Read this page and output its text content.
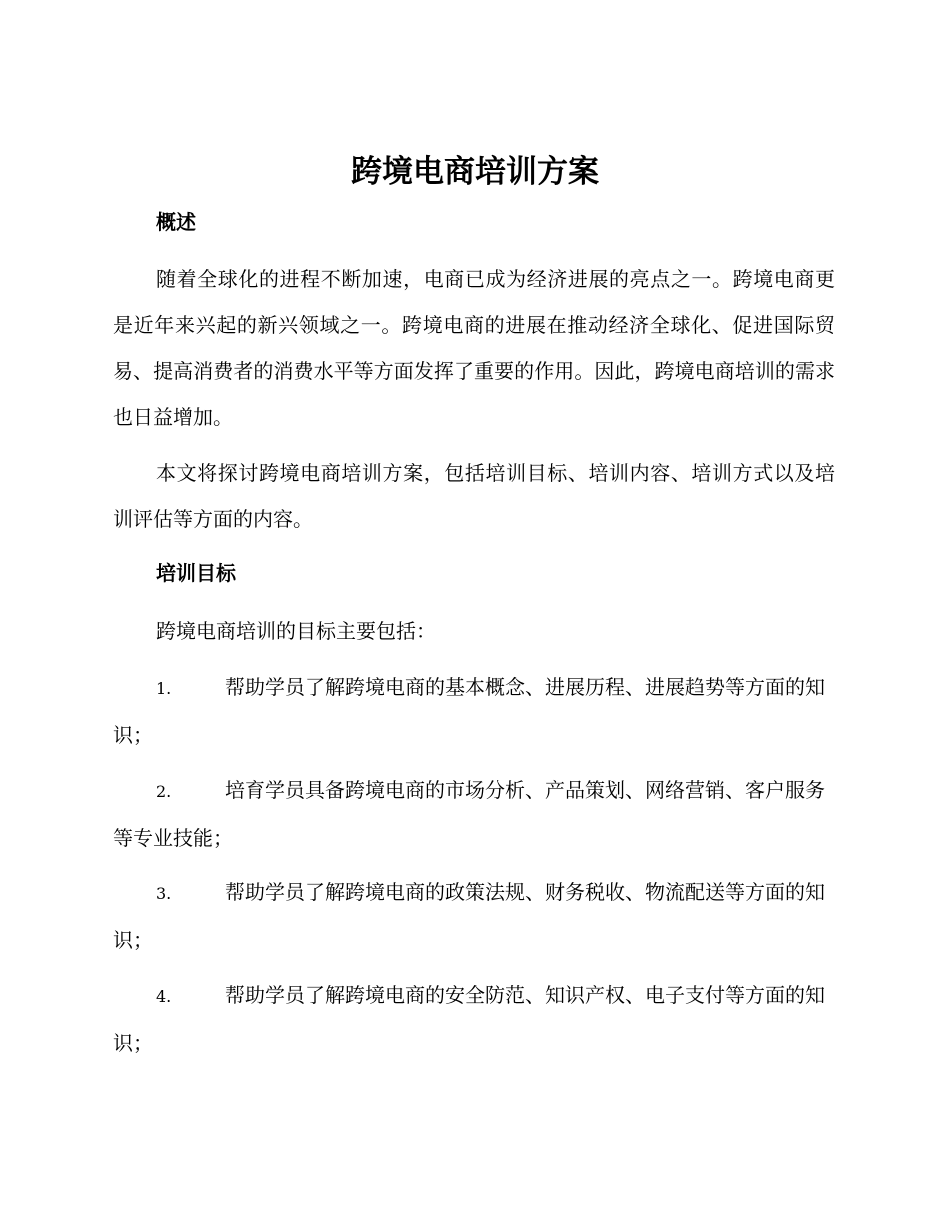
跨境电商培训方案
概述

随着全球化的进程不断加速，电商已成为经济进展的亮点之一。跨境电商更是近年来兴起的新兴领域之一。跨境电商的进展在推动经济全球化、促进国际贸易、提高消费者的消费水平等方面发挥了重要的作用。因此，跨境电商培训的需求也日益增加。

本文将探讨跨境电商培训方案，包括培训目标、培训内容、培训方式以及培训评估等方面的内容。

培训目标
跨境电商培训的目标主要包括：

1.	帮助学员了解跨境电商的基本概念、进展历程、进展趋势等方面的知识；

2.	培育学员具备跨境电商的市场分析、产品策划、网络营销、客户服务等专业技能；

3.	帮助学员了解跨境电商的政策法规、财务税收、物流配送等方面的知识；

4.	帮助学员了解跨境电商的安全防范、知识产权、电子支付等方面的知识；
